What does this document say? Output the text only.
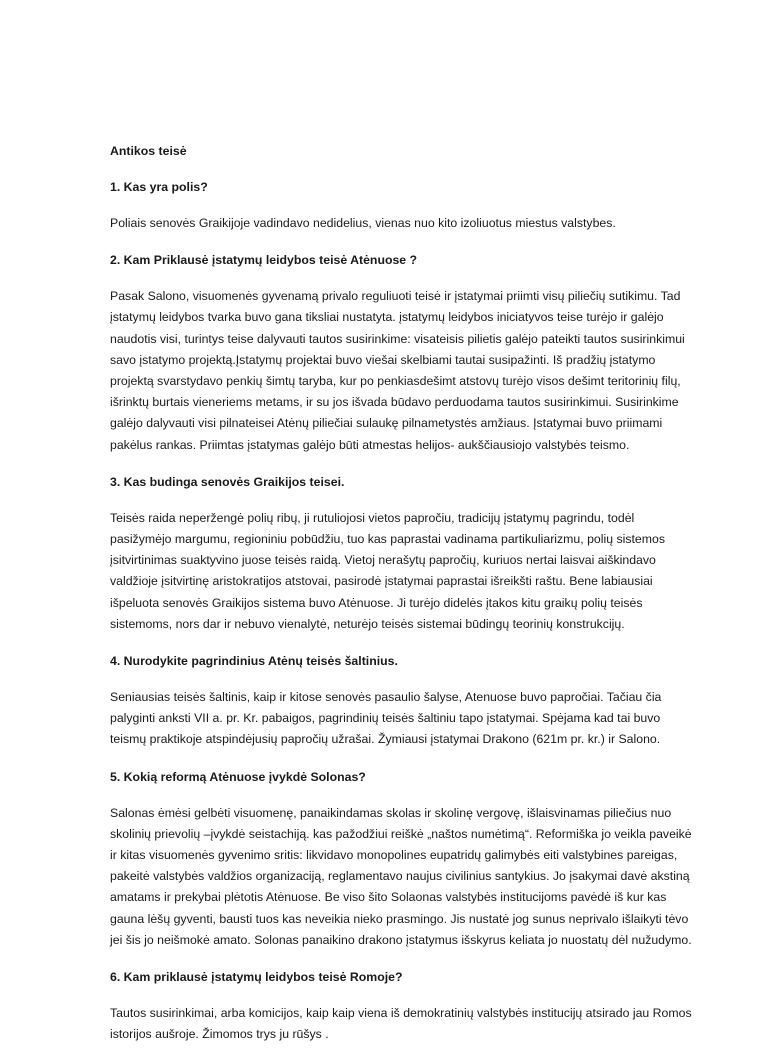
Antikos teisė
1. Kas yra polis?
Poliais senovės Graikijoje vadindavo nedidelius, vienas nuo kito izoliuotus miestus valstybes.
2. Kam Priklausė įstatymų leidybos teisė Atėnuose ?
Pasak Salono, visuomenės gyvenamą privalo reguliuoti teisė ir įstatymai priimti visų piliečių sutikimu. Tad
įstatymų leidybos tvarka buvo gana tiksliai nustatyta. įstatymų leidybos iniciatyvos teise turėjo ir galėjo
naudotis visi, turintys teise dalyvauti tautos susirinkime: visateisis pilietis galėjo pateikti tautos susirinkimui
savo įstatymo projektą.Įstatymų projektai buvo viešai skelbiami tautai susipažinti. Iš pradžių įstatymo
projektą svarstydavo penkių šimtų taryba, kur po penkiasdešimt atstovų turėjo visos dešimt teritorinių filų,
išrinktų burtais vieneriems metams, ir su jos išvada būdavo perduodama tautos susirinkimui. Susirinkime
galėjo dalyvauti visi pilnateisei Atėnų piliečiai sulaukę pilnametystės amžiaus. Įstatymai buvo priimami
pakėlus rankas. Priimtas įstatymas galėjo būti atmestas helijos- aukščiausiojo valstybės teismo.
3. Kas budinga senovės Graikijos teisei.
Teisės raida neperžengė polių ribų, ji rutuliojosi vietos papročiu, tradicijų įstatymų pagrindu, todėl
pasižymėjo margumu, regioniniu pobūdžiu, tuo kas paprastai vadinama partikuliarizmu, polių sistemos
įsitvirtinimas suaktyvino juose teisės raidą. Vietoj nerašytų papročių, kuriuos nertai laisvai aiškindavo
valdžioje įsitvirtinę aristokratijos atstovai, pasirodė įstatymai paprastai išreikšti raštu. Bene labiausiai
išpeluota senovės Graikijos sistema buvo Atėnuose. Ji turėjo didelės įtakos kitu graikų polių teisės
sistemoms, nors dar ir nebuvo vienalytė, neturėjo teisės sistemai būdingų teorinių konstrukcijų.
4. Nurodykite pagrindinius Atėnų teisės šaltinius.
Seniausias teisės šaltinis, kaip ir kitose senovės pasaulio šalyse, Atenuose buvo papročiai. Tačiau čia
palyginti anksti VII a. pr. Kr. pabaigos, pagrindinių teisės šaltiniu tapo įstatymai. Spėjama kad tai buvo
teismų praktikoje atspindėjusių papročių užrašai. Žymiausi įstatymai Drakono (621m pr. kr.) ir Salono.
5. Kokią reformą Atėnuose įvykdė Solonas?
Salonas ėmėsi gelbėti visuomenę, panaikindamas skolas ir skolinę vergovę, išlaisvinamas piliečius nuo
skolinių prievolių –įvykdė seistachiją. kas pažodžiui reiškė „naštos numėtimą“. Reformiška jo veikla paveikė
ir kitas visuomenės gyvenimo sritis: likvidavo monopolines eupatridų galimybės eiti valstybines pareigas,
pakeitė valstybės valdžios organizaciją, reglamentavo naujus civilinius santykius. Jo įsakymai davė akstiną
amatams ir prekybai plėtotis Atėnuose. Be viso šito Solaonas valstybės institucijoms pavėdė iš kur kas
gauna lėšų gyventi, bausti tuos kas neveikia nieko prasmingo. Jis nustatė jog sunus neprivalo išlaikyti tėvo
jei šis jo neišmokė amato. Solonas panaikino drakono įstatymus išskyrus keliata jo nuostatų dėl nužudymo.
6. Kam priklausė įstatymų leidybos teisė Romoje?
Tautos susirinkimai, arba komicijos, kaip kaip viena iš demokratinių valstybės institucijų atsirado jau Romos
istorijos aušroje. Žimomos trys ju rūšys .
